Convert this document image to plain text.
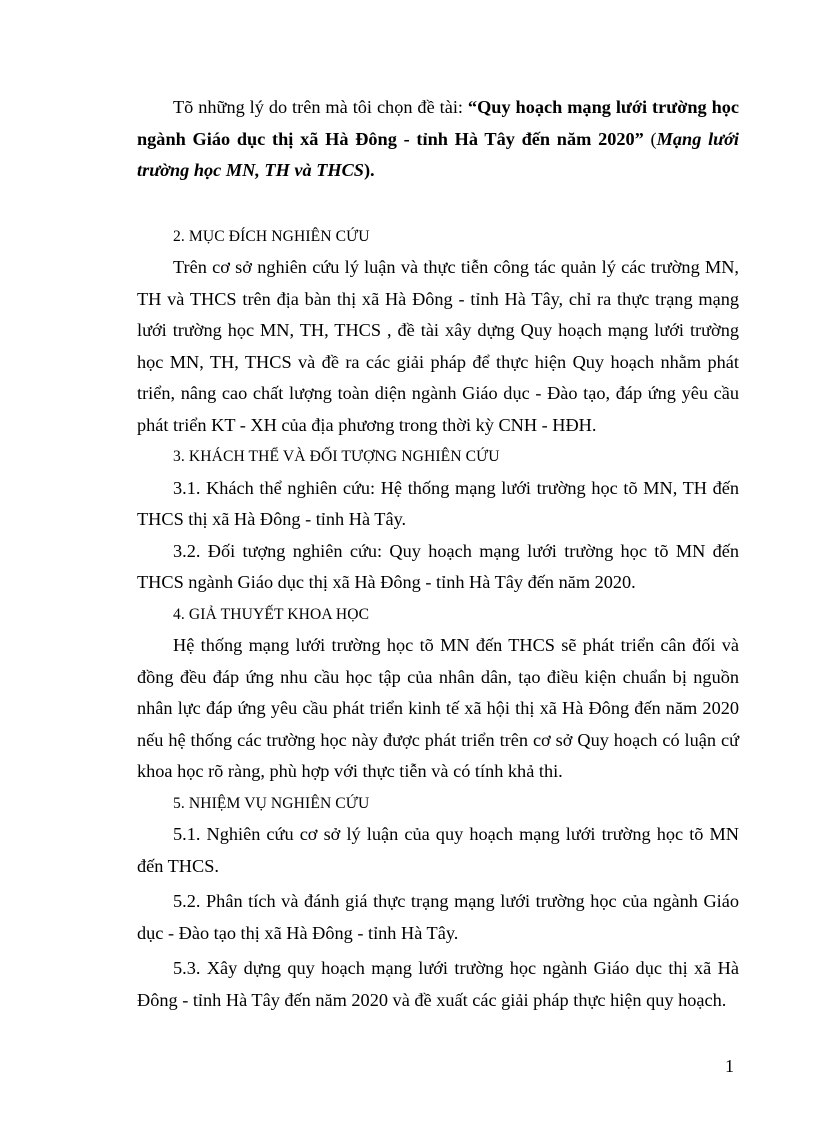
Tõ những lý do trên mà tôi chọn đề tài: “Quy hoạch mạng lưới trường học ngành Giáo dục thị xã Hà Đông - tỉnh Hà Tây đến năm 2020” (Mạng lưới trường học MN, TH và THCS).

2. MỤC ĐÍCH NGHIÊN CỨU

Trên cơ sở nghiên cứu lý luận và thực tiễn công tác quản lý các trường MN, TH và THCS trên địa bàn thị xã Hà Đông - tỉnh Hà Tây, chỉ ra thực trạng mạng lưới trường học MN, TH, THCS , đề tài xây dựng Quy hoạch mạng lưới trường học MN, TH, THCS và đề ra các giải pháp để thực hiện Quy hoạch nhằm phát triển, nâng cao chất lượng toàn diện ngành Giáo dục - Đào tạo, đáp ứng yêu cầu phát triển KT - XH của địa phương trong thời kỳ CNH - HĐH.

3. KHÁCH THỂ VÀ ĐỐI TƯỢNG NGHIÊN CỨU

3.1. Khách thể nghiên cứu: Hệ thống mạng lưới trường học tõ MN, TH đến THCS thị xã Hà Đông - tỉnh Hà Tây.

3.2. Đối tượng nghiên cứu: Quy hoạch mạng lưới trường học tõ MN đến THCS ngành Giáo dục thị xã Hà Đông - tỉnh Hà Tây đến năm 2020.

4. GIẢ THUYẾT KHOA HỌC

Hệ thống mạng lưới trường học tõ MN đến THCS sẽ phát triển cân đối và đồng đều đáp ứng nhu cầu học tập của nhân dân, tạo điều kiện chuẩn bị nguồn nhân lực đáp ứng yêu cầu phát triển kinh tế xã hội thị xã Hà Đông đến năm 2020 nếu hệ thống các trường học này được phát triển trên cơ sở Quy hoạch có luận cứ khoa học rõ ràng, phù hợp với thực tiễn và có tính khả thi.

5. NHIỆM VỤ NGHIÊN CỨU

5.1. Nghiên cứu cơ sở lý luận của quy hoạch mạng lưới trường học tõ MN đến THCS.

5.2. Phân tích và đánh giá thực trạng mạng lưới trường học của ngành Giáo dục - Đào tạo thị xã Hà Đông - tỉnh Hà Tây.

5.3. Xây dựng quy hoạch mạng lưới trường học ngành Giáo dục thị xã Hà Đông - tỉnh Hà Tây đến năm 2020 và đề xuất các giải pháp thực hiện quy hoạch.

1
